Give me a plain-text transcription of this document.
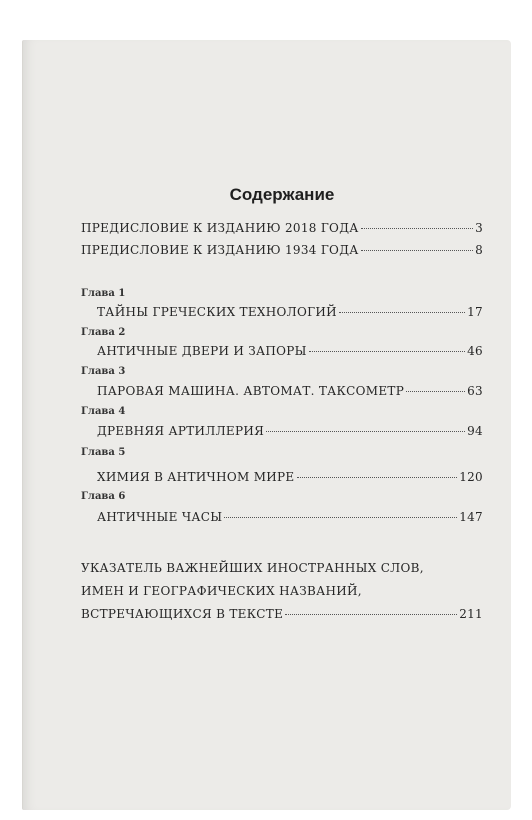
Содержание
ПРЕДИСЛОВИЕ К ИЗДАНИЮ 2018 ГОДА	3
ПРЕДИСЛОВИЕ К ИЗДАНИЮ 1934 ГОДА	8
Глава 1
ТАЙНЫ ГРЕЧЕСКИХ ТЕХНОЛОГИЙ	17
Глава 2
АНТИЧНЫЕ ДВЕРИ И ЗАПОРЫ	46
Глава 3
ПАРОВАЯ МАШИНА. АВТОМАТ. ТАКСОМЕТР	63
Глава 4
ДРЕВНЯЯ АРТИЛЛЕРИЯ	94
Глава 5
ХИМИЯ В АНТИЧНОМ МИРЕ	120
Глава 6
АНТИЧНЫЕ ЧАСЫ	147
УКАЗАТЕЛЬ ВАЖНЕЙШИХ ИНОСТРАННЫХ СЛОВ,
ИМЕН И ГЕОГРАФИЧЕСКИХ НАЗВАНИЙ,
ВСТРЕЧАЮЩИХСЯ В ТЕКСТЕ	211
